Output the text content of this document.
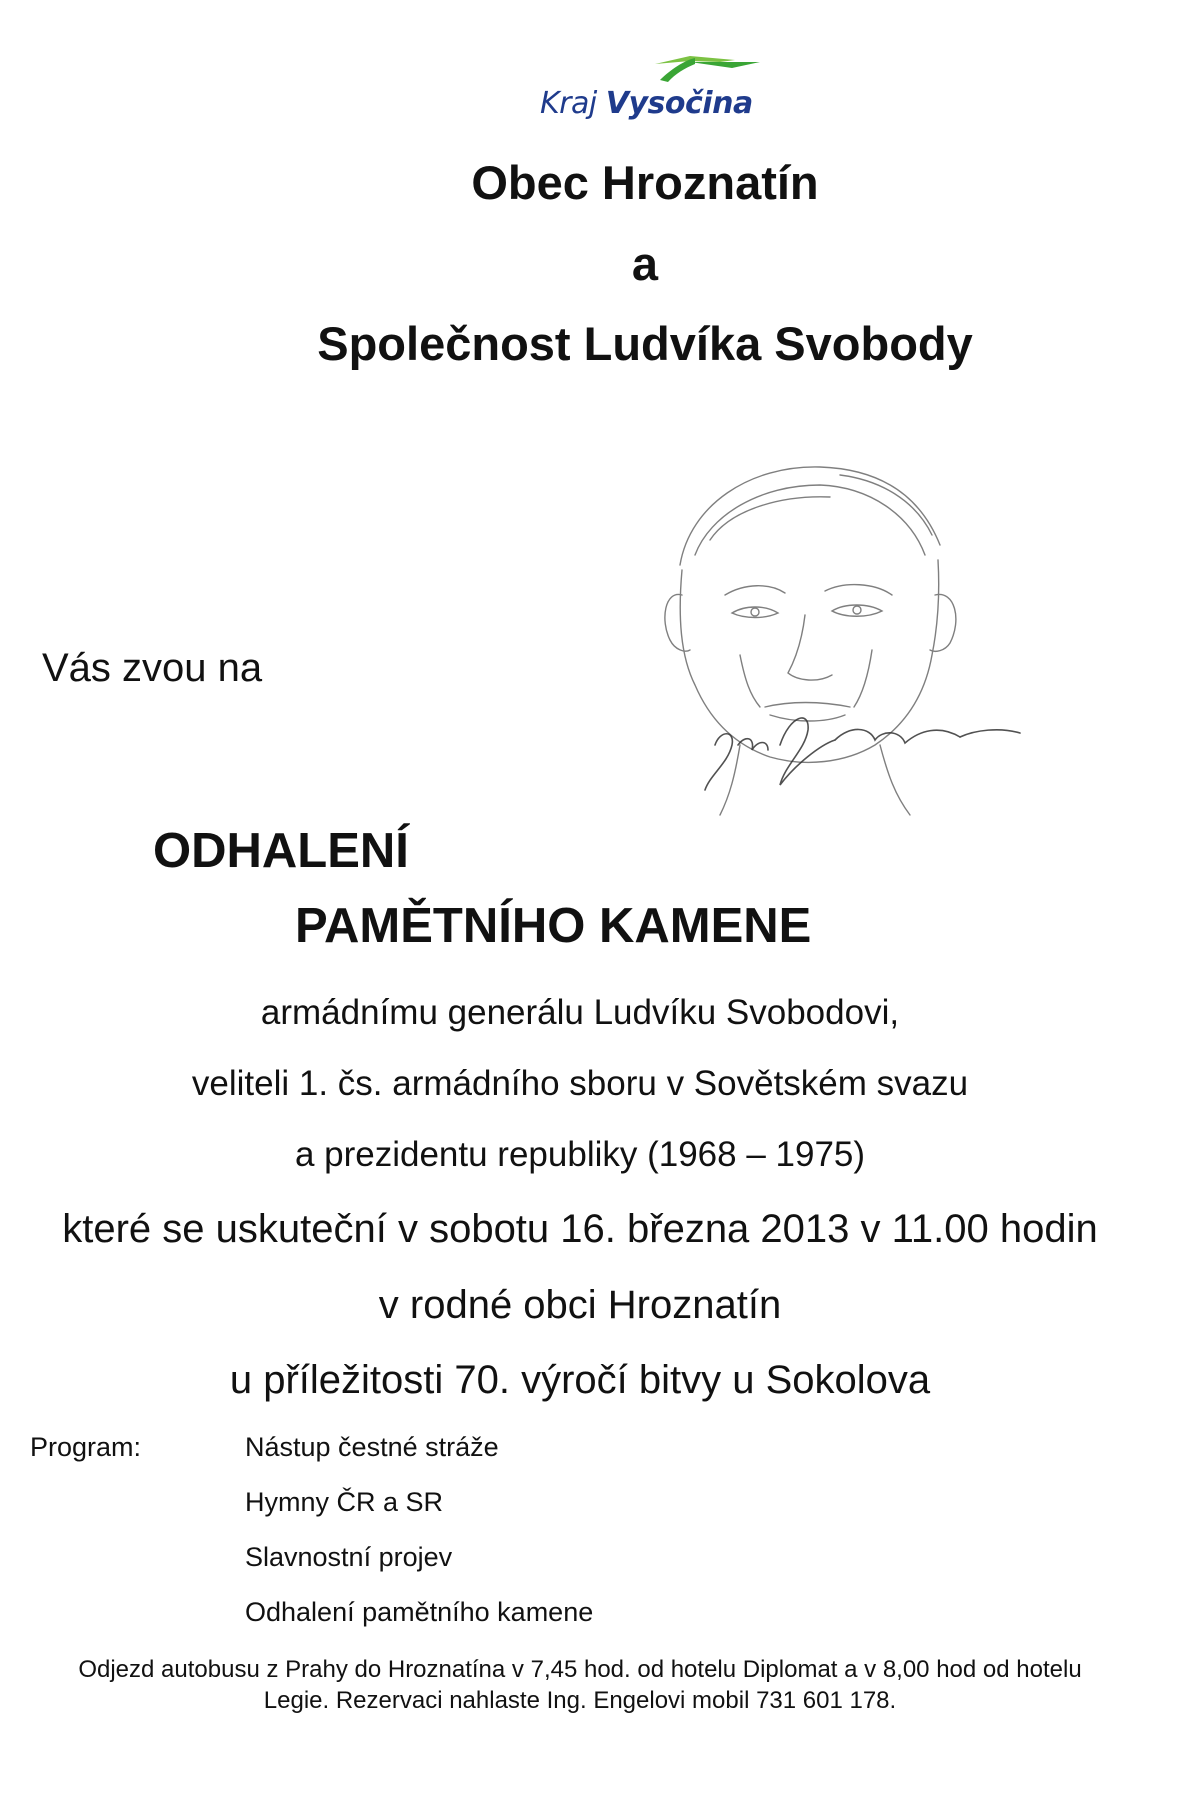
Kraj Vysočina
Obec Hroznatín
a
Společnost Ludvíka Svobody
Vás zvou na
ODHALENÍ
PAMĚTNÍHO KAMENE
armádnímu generálu Ludvíku Svobodovi,
veliteli 1. čs. armádního sboru v Sovětském svazu
a prezidentu republiky (1968 – 1975)
které se uskuteční v sobotu 16. března 2013 v 11.00 hodin
v rodné obci Hroznatín
u příležitosti 70. výročí bitvy u Sokolova
Program:	Nástup čestné stráže
Hymny ČR a SR
Slavnostní projev
Odhalení pamětního kamene
Odjezd autobusu z Prahy do Hroznatína v 7,45 hod. od hotelu Diplomat a v 8,00 hod od hotelu
Legie. Rezervaci nahlaste Ing. Engelovi mobil 731 601 178.
